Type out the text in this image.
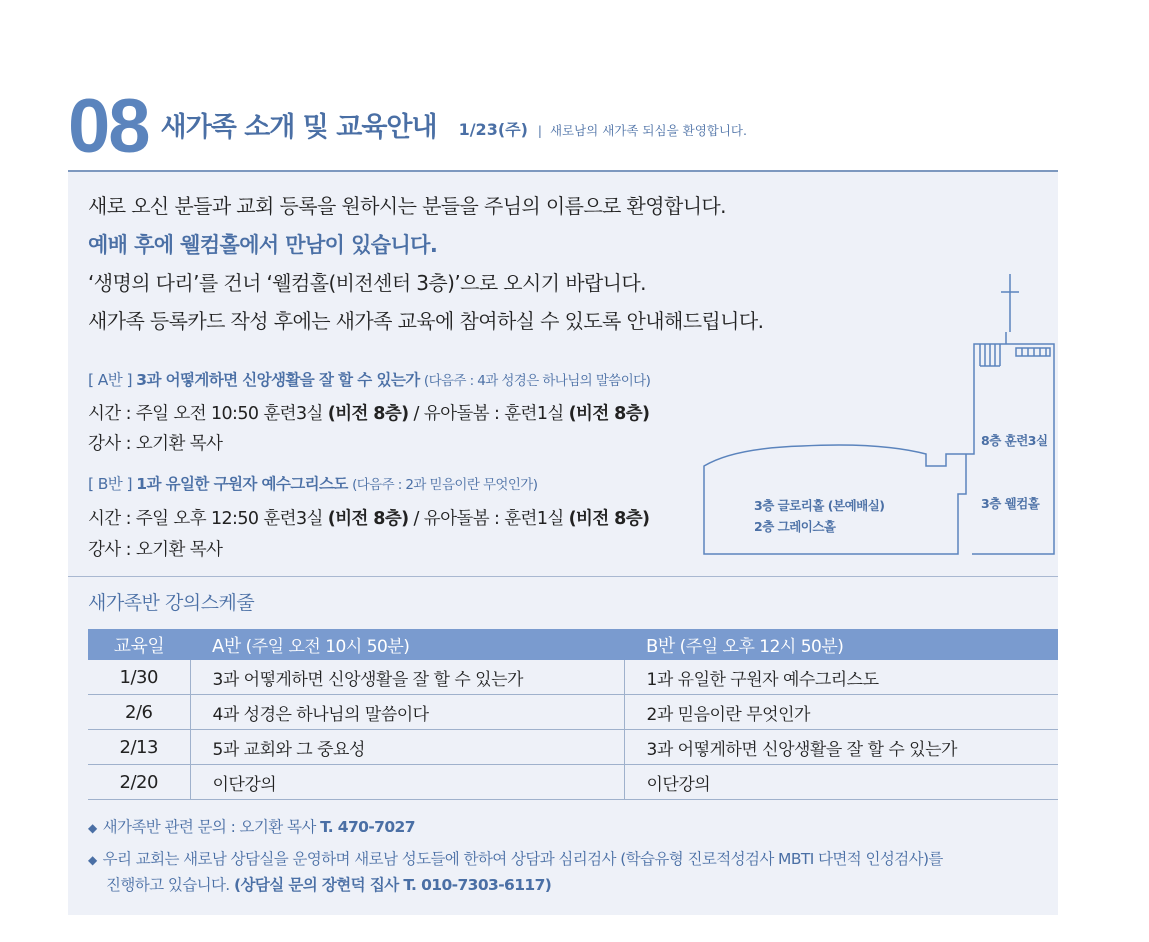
08 새가족 소개 및 교육안내 1/23(주) | 새로남의 새가족 되심을 환영합니다.
새로 오신 분들과 교회 등록을 원하시는 분들을 주님의 이름으로 환영합니다.
예배 후에 웰컴홀에서 만남이 있습니다.
‘생명의 다리’를 건너 ‘웰컴홀(비전센터 3층)’으로 오시기 바랍니다.
새가족 등록카드 작성 후에는 새가족 교육에 참여하실 수 있도록 안내해드립니다.
[ A반 ] 3과 어떻게하면 신앙생활을 잘 할 수 있는가 (다음주 : 4과 성경은 하나님의 말씀이다)
시간 : 주일 오전 10:50 훈련3실 (비전 8층) / 유아돌봄 : 훈련1실 (비전 8층)
강사 : 오기환 목사
[ B반 ] 1과 유일한 구원자 예수그리스도 (다음주 : 2과 믿음이란 무엇인가)
시간 : 주일 오후 12:50 훈련3실 (비전 8층) / 유아돌봄 : 훈련1실 (비전 8층)
강사 : 오기환 목사
8층 훈련3실
3층 웰컴홀
3층 글로리홀 (본예배실)
2층 그레이스홀
새가족반 강의스케줄
교육일	A반 (주일 오전 10시 50분)	B반 (주일 오후 12시 50분)
1/30	3과 어떻게하면 신앙생활을 잘 할 수 있는가	1과 유일한 구원자 예수그리스도
2/6	4과 성경은 하나님의 말씀이다	2과 믿음이란 무엇인가
2/13	5과 교회와 그 중요성	3과 어떻게하면 신앙생활을 잘 할 수 있는가
2/20	이단강의	이단강의
◆ 새가족반 관련 문의 : 오기환 목사 T. 470-7027
◆ 우리 교회는 새로남 상담실을 운영하며 새로남 성도들에 한하여 상담과 심리검사 (학습유형 진로적성검사 MBTI 다면적 인성검사)를
진행하고 있습니다. (상담실 문의 장현덕 집사 T. 010-7303-6117)
